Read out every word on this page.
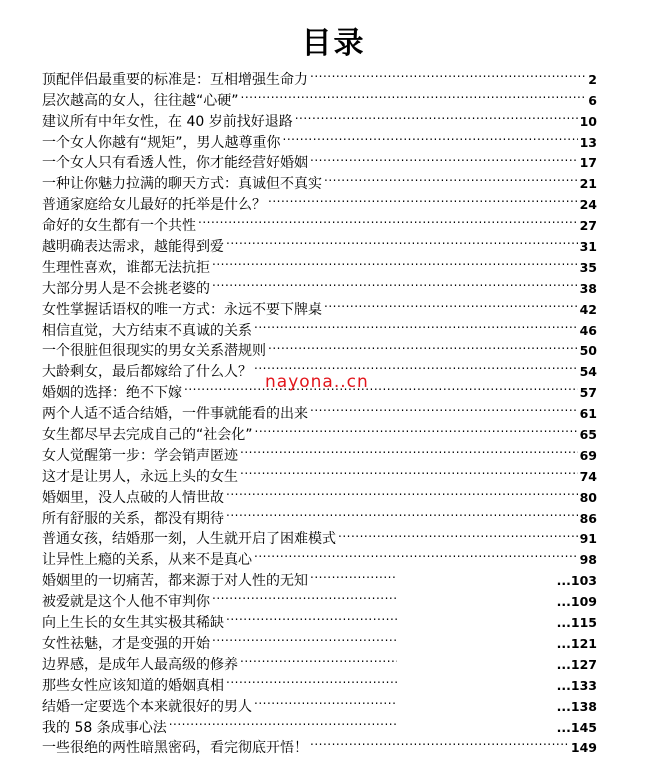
目录
顶配伴侣最重要的标准是：互相增强生命力 .....	2
层次越高的女人，往往越“心硬” .....	6
建议所有中年女性，在 40 岁前找好退路 .....	10
一个女人你越有“规矩”，男人越尊重你 .....	13
一个女人只有看透人性，你才能经营好婚姻 .....	17
一种让你魅力拉满的聊天方式：真诚但不真实 .....	21
普通家庭给女儿最好的托举是什么？ .....	24
命好的女生都有一个共性 .....	27
越明确表达需求，越能得到爱 .....	31
生理性喜欢，谁都无法抗拒 .....	35
大部分男人是不会挑老婆的 .....	38
女性掌握话语权的唯一方式：永远不要下牌桌 .....	42
相信直觉，大方结束不真诚的关系 .....	46
一个很脏但很现实的男女关系潜规则 .....	50
大龄剩女，最后都嫁给了什么人？ .....	54
婚姻的选择：绝不下嫁 .....	57
两个人适不适合结婚，一件事就能看的出来 .....	61
女生都尽早去完成自己的“社会化” .....	65
女人觉醒第一步：学会销声匿迹 .....	69
这才是让男人，永远上头的女生 .....	74
婚姻里，没人点破的人情世故 .....	80
所有舒服的关系，都没有期待 .....	86
普通女孩，结婚那一刻，人生就开启了困难模式 .....	91
让异性上瘾的关系，从来不是真心 .....	98
婚姻里的一切痛苦，都来源于对人性的无知 .....	... 103
被爱就是这个人他不审判你 .....	... 109
向上生长的女生其实极其稀缺 .....	... 115
女性祛魅，才是变强的开始 .....	... 121
边界感，是成年人最高级的修养 .....	... 127
那些女性应该知道的婚姻真相 .....	... 133
结婚一定要选个本来就很好的男人 .....	... 138
我的 58 条成事心法 .....	... 145
一些很绝的两性暗黑密码，看完彻底开悟！ .....	149
nayona..cn
